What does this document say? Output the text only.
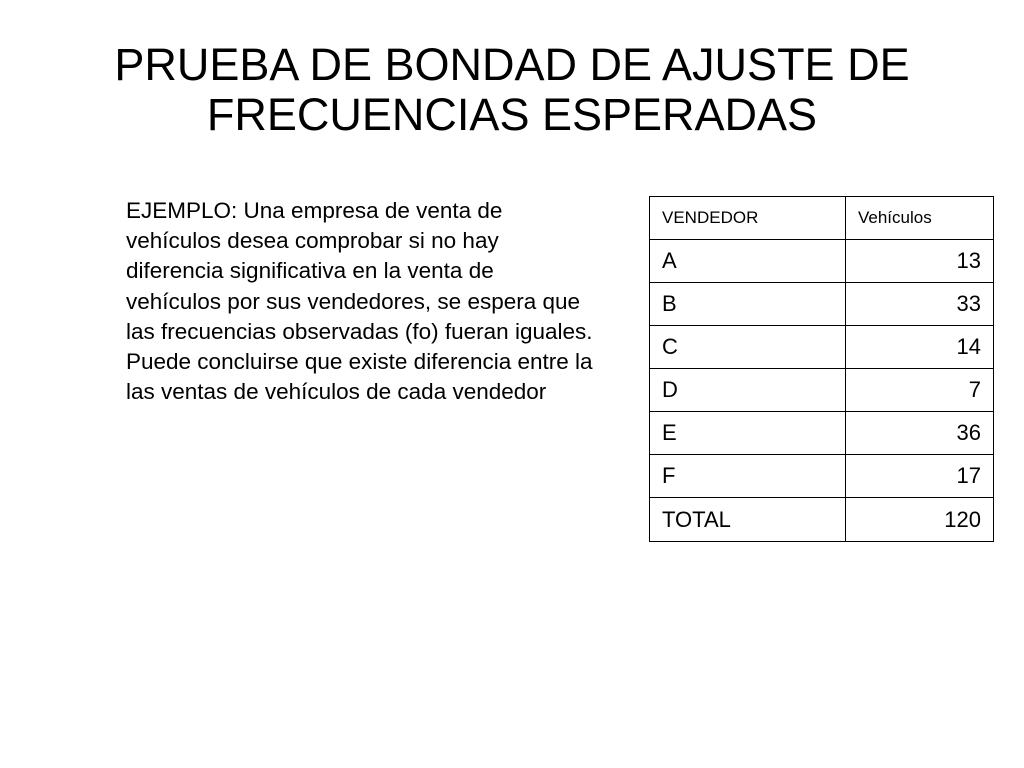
PRUEBA DE BONDAD DE AJUSTE DE
FRECUENCIAS ESPERADAS

EJEMPLO: Una empresa de venta de vehículos desea comprobar si no hay diferencia significativa en la venta de vehículos por sus vendedores, se espera que las frecuencias observadas (fo) fueran iguales. Puede concluirse que existe diferencia entre la las ventas de vehículos de cada vendedor

VENDEDOR	Vehículos
A	13
B	33
C	14
D	7
E	36
F	17
TOTAL	120
